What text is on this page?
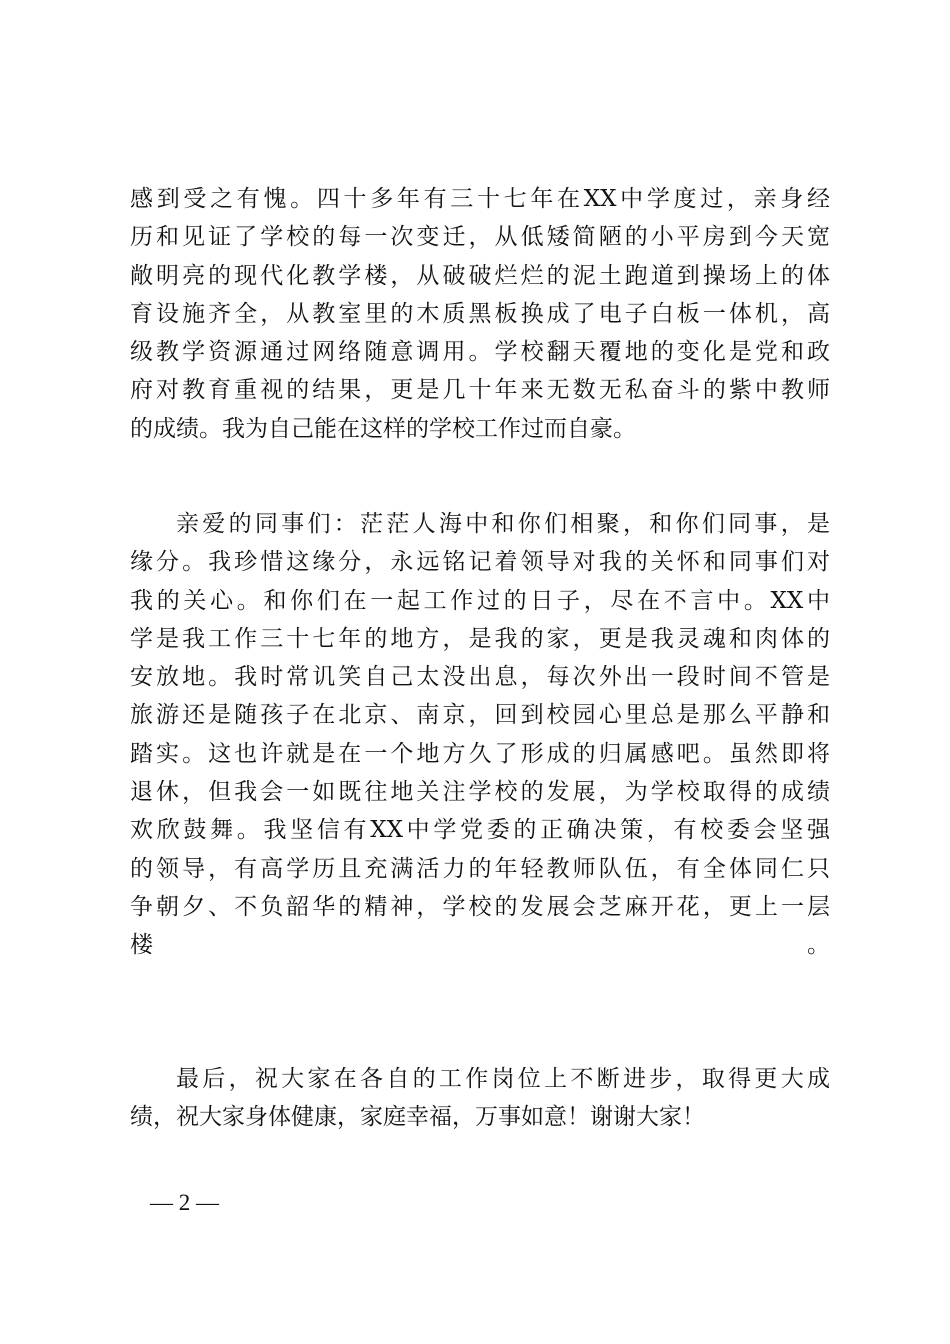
感到受之有愧。四十多年有三十七年在XX中学度过，亲身经
历和见证了学校的每一次变迁，从低矮简陋的小平房到今天宽
敞明亮的现代化教学楼，从破破烂烂的泥土跑道到操场上的体
育设施齐全，从教室里的木质黑板换成了电子白板一体机，高
级教学资源通过网络随意调用。学校翻天覆地的变化是党和政
府对教育重视的结果，更是几十年来无数无私奋斗的紫中教师
的成绩。我为自己能在这样的学校工作过而自豪。
亲爱的同事们：茫茫人海中和你们相聚，和你们同事，是
缘分。我珍惜这缘分，永远铭记着领导对我的关怀和同事们对
我的关心。和你们在一起工作过的日子，尽在不言中。XX中
学是我工作三十七年的地方，是我的家，更是我灵魂和肉体的
安放地。我时常讥笑自己太没出息，每次外出一段时间不管是
旅游还是随孩子在北京、南京，回到校园心里总是那么平静和
踏实。这也许就是在一个地方久了形成的归属感吧。虽然即将
退休，但我会一如既往地关注学校的发展，为学校取得的成绩
欢欣鼓舞。我坚信有XX中学党委的正确决策，有校委会坚强
的领导，有高学历且充满活力的年轻教师队伍，有全体同仁只
争朝夕、不负韶华的精神，学校的发展会芝麻开花，更上一层
楼。
最后，祝大家在各自的工作岗位上不断进步，取得更大成
绩，祝大家身体健康，家庭幸福，万事如意！谢谢大家！
— 2 —
